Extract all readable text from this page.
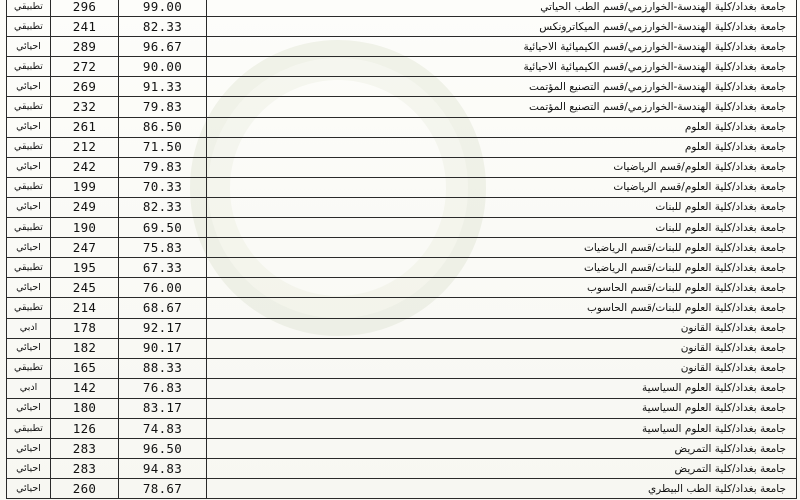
تطبيقي	296	99.00	جامعة بغداد/كلية الهندسة-الخوارزمي/قسم الطب الحياتي
تطبيقي	241	82.33	جامعة بغداد/كلية الهندسة-الخوارزمي/قسم الميكاترونكس
احيائي	289	96.67	جامعة بغداد/كلية الهندسة-الخوارزمي/قسم الكيميائية الاحيائية
تطبيقي	272	90.00	جامعة بغداد/كلية الهندسة-الخوارزمي/قسم الكيميائية الاحيائية
احيائي	269	91.33	جامعة بغداد/كلية الهندسة-الخوارزمي/قسم التصنيع المؤتمت
تطبيقي	232	79.83	جامعة بغداد/كلية الهندسة-الخوارزمي/قسم التصنيع المؤتمت
احيائي	261	86.50	جامعة بغداد/كلية العلوم
تطبيقي	212	71.50	جامعة بغداد/كلية العلوم
احيائي	242	79.83	جامعة بغداد/كلية العلوم/قسم الرياضيات
تطبيقي	199	70.33	جامعة بغداد/كلية العلوم/قسم الرياضيات
احيائي	249	82.33	جامعة بغداد/كلية العلوم للبنات
تطبيقي	190	69.50	جامعة بغداد/كلية العلوم للبنات
احيائي	247	75.83	جامعة بغداد/كلية العلوم للبنات/قسم الرياضيات
تطبيقي	195	67.33	جامعة بغداد/كلية العلوم للبنات/قسم الرياضيات
احيائي	245	76.00	جامعة بغداد/كلية العلوم للبنات/قسم الحاسوب
تطبيقي	214	68.67	جامعة بغداد/كلية العلوم للبنات/قسم الحاسوب
ادبي	178	92.17	جامعة بغداد/كلية القانون
احيائي	182	90.17	جامعة بغداد/كلية القانون
تطبيقي	165	88.33	جامعة بغداد/كلية القانون
ادبي	142	76.83	جامعة بغداد/كلية العلوم السياسية
احيائي	180	83.17	جامعة بغداد/كلية العلوم السياسية
تطبيقي	126	74.83	جامعة بغداد/كلية العلوم السياسية
احيائي	283	96.50	جامعة بغداد/كلية التمريض
احيائي	283	94.83	جامعة بغداد/كلية التمريض
احيائي	260	78.67	جامعة بغداد/كلية الطب البيطري
